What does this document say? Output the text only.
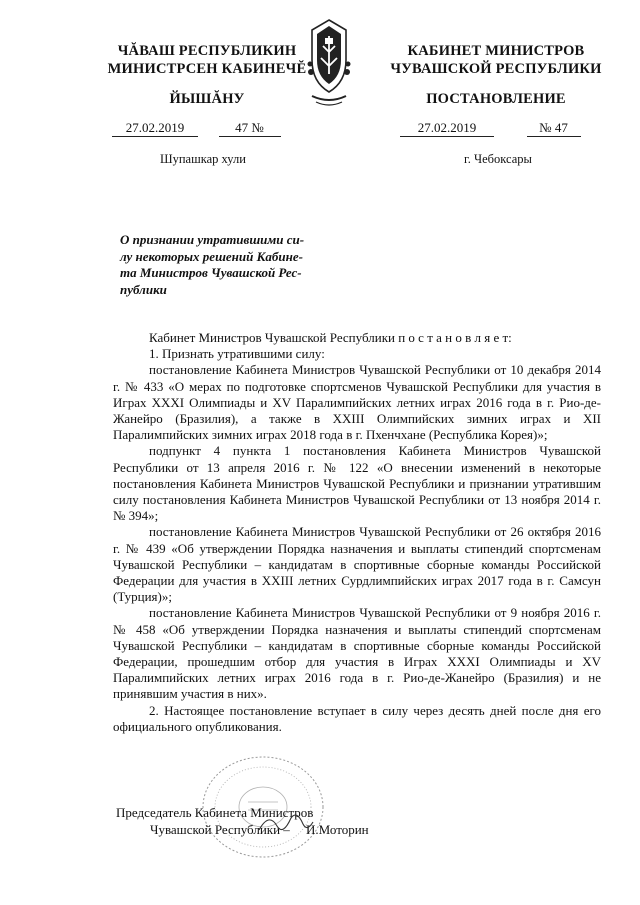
ЧĂВАШ РЕСПУБЛИКИН
МИНИСТРСЕН КАБИНЕЧĔ
ЙЫШĂНУ
КАБИНЕТ МИНИСТРОВ
ЧУВАШСКОЙ РЕСПУБЛИКИ
ПОСТАНОВЛЕНИЕ
27.02.2019	47 №	27.02.2019	№ 47
Шупашкар хули	г. Чебоксары
О признании утратившими си-
лу некоторых решений Кабине-
та Министров Чувашской Рес-
публики

Кабинет Министров Чувашской Республики п о с т а н о в л я е т:

1. Признать утратившими силу:

постановление Кабинета Министров Чувашской Республики от 10 декабря 2014 г. № 433 «О мерах по подготовке спортсменов Чувашской Республики для участия в Играх XXXI Олимпиады и XV Паралимпийских летних играх 2016 года в г. Рио-де-Жанейро (Бразилия), а также в XXIII Олимпийских зимних играх и XII Паралимпийских зимних играх 2018 года в г. Пхенчхане (Республика Корея)»;

подпункт 4 пункта 1 постановления Кабинета Министров Чувашской Республики от 13 апреля 2016 г. № 122 «О внесении изменений в некоторые постановления Кабинета Министров Чувашской Республики и признании утратившим силу постановления Кабинета Министров Чувашской Республики от 13 ноября 2014 г. № 394»;

постановление Кабинета Министров Чувашской Республики от 26 октября 2016 г. № 439 «Об утверждении Порядка назначения и выплаты стипендий спортсменам Чувашской Республики – кандидатам в спортивные сборные команды Российской Федерации для участия в XXIII летних Сурдлимпийских играх 2017 года в г. Самсун (Турция)»;

постановление Кабинета Министров Чувашской Республики от 9 ноября 2016 г. № 458 «Об утверждении Порядка назначения и выплаты стипендий спортсменам Чувашской Республики – кандидатам в спортивные сборные команды Российской Федерации, прошедшим отбор для участия в Играх XXXI Олимпиады и XV Паралимпийских летних играх 2016 года в г. Рио-де-Жанейро (Бразилия) и не принявшим участия в них».

2. Настоящее постановление вступает в силу через десять дней после дня его официального опубликования.

Председатель Кабинета Министров
Чувашской Республики – И.Моторин
